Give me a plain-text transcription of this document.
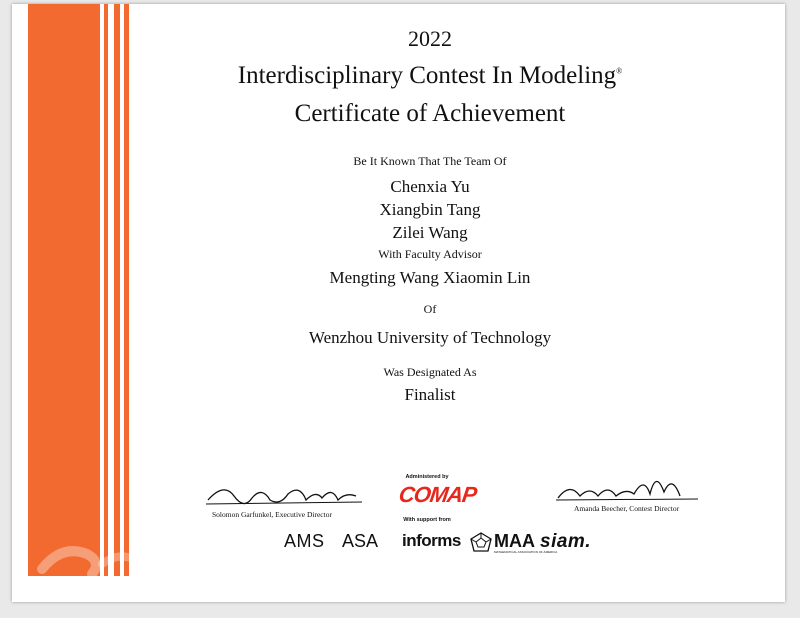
2022
Interdisciplinary Contest In Modeling®
Certificate of Achievement
Be It Known That The Team Of
Chenxia Yu
Xiangbin Tang
Zilei Wang
With Faculty Advisor
Mengting Wang Xiaomin Lin
Of
Wenzhou University of Technology
Was Designated As
Finalist
Solomon Garfunkel, Executive Director
Amanda Beecher, Contest Director
Administered by
COMAP
With support from
AMS ASA informs MAA
MATHEMATICAL ASSOCIATION OF AMERICA
siam.
